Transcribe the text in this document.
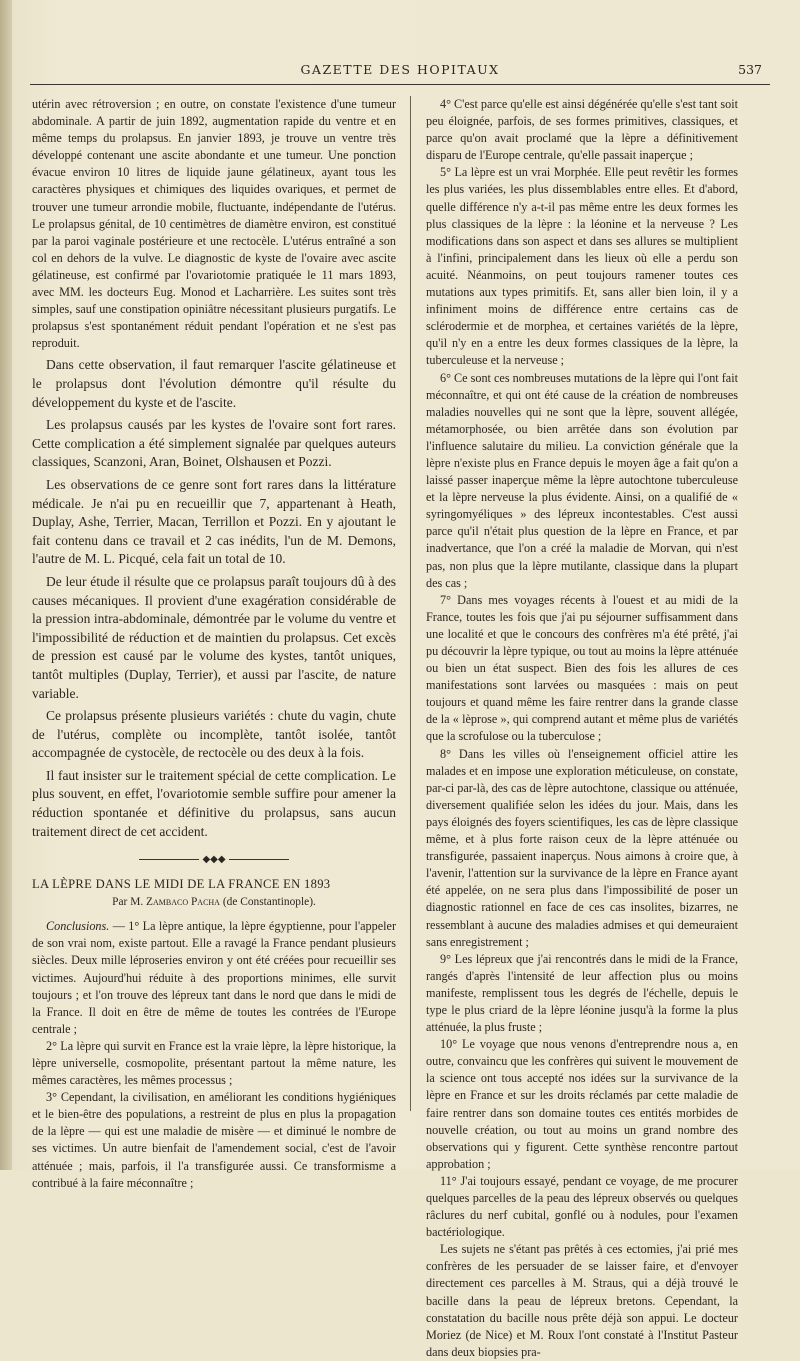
GAZETTE DES HOPITAUX	537

utérin avec rétroversion ; en outre, on constate l'existence d'une tumeur abdominale. A partir de juin 1892, augmentation rapide du ventre et en même temps du prolapsus. En janvier 1893, je trouve un ventre très développé contenant une ascite abondante et une tumeur. Une ponction évacue environ 10 litres de liquide jaune gélatineux, ayant tous les caractères physiques et chimiques des liquides ovariques, et permet de trouver une tumeur arrondie mobile, fluctuante, indépendante de l'utérus. Le prolapsus génital, de 10 centimètres de diamètre environ, est constitué par la paroi vaginale postérieure et une rectocèle. L'utérus entraîné a son col en dehors de la vulve. Le diagnostic de kyste de l'ovaire avec ascite gélatineuse, est confirmé par l'ovariotomie pratiquée le 11 mars 1893, avec MM. les docteurs Eug. Monod et Lacharrière. Les suites sont très simples, sauf une constipation opiniâtre nécessitant plusieurs purgatifs. Le prolapsus s'est spontanément réduit pendant l'opération et ne s'est pas reproduit.

Dans cette observation, il faut remarquer l'ascite gélatineuse et le prolapsus dont l'évolution démontre qu'il résulte du développement du kyste et de l'ascite.

Les prolapsus causés par les kystes de l'ovaire sont fort rares. Cette complication a été simplement signalée par quelques auteurs classiques, Scanzoni, Aran, Boinet, Olshausen et Pozzi.

Les observations de ce genre sont fort rares dans la littérature médicale. Je n'ai pu en recueillir que 7, appartenant à Heath, Duplay, Ashe, Terrier, Macan, Terrillon et Pozzi. En y ajoutant le fait contenu dans ce travail et 2 cas inédits, l'un de M. Demons, l'autre de M. L. Picqué, cela fait un total de 10.

De leur étude il résulte que ce prolapsus paraît toujours dû à des causes mécaniques. Il provient d'une exagération considérable de la pression intra-abdominale, démontrée par le volume du ventre et l'impossibilité de réduction et de maintien du prolapsus. Cet excès de pression est causé par le volume des kystes, tantôt uniques, tantôt multiples (Duplay, Terrier), et aussi par l'ascite, de nature variable.

Ce prolapsus présente plusieurs variétés : chute du vagin, chute de l'utérus, complète ou incomplète, tantôt isolée, tantôt accompagnée de cystocèle, de rectocèle ou des deux à la fois.

Il faut insister sur le traitement spécial de cette complication. Le plus souvent, en effet, l'ovariotomie semble suffire pour amener la réduction spontanée et définitive du prolapsus, sans aucun traitement direct de cet accident.

◆◆◆
LA LÈPRE DANS LE MIDI DE LA FRANCE EN 1893
Par M. Zambaco Pacha (de Constantinople).

Conclusions. — 1° La lèpre antique, la lèpre égyptienne, pour l'appeler de son vrai nom, existe partout. Elle a ravagé la France pendant plusieurs siècles. Deux mille léproseries environ y ont été créées pour recueillir ses victimes. Aujourd'hui réduite à des proportions minimes, elle survit toujours ; et l'on trouve des lépreux tant dans le nord que dans le midi de la France. Il doit en être de même de toutes les contrées de l'Europe centrale ;

2° La lèpre qui survit en France est la vraie lèpre, la lèpre historique, la lèpre universelle, cosmopolite, présentant partout la même nature, les mêmes caractères, les mêmes processus ;

3° Cependant, la civilisation, en améliorant les conditions hygiéniques et le bien-être des populations, a restreint de plus en plus la propagation de la lèpre — qui est une maladie de misère — et diminué le nombre de ses victimes. Un autre bienfait de l'amendement social, c'est de l'avoir atténuée ; mais, parfois, il l'a transfigurée aussi. Ce transformisme a contribué à la faire méconnaître ;

4° C'est parce qu'elle est ainsi dégénérée qu'elle s'est tant soit peu éloignée, parfois, de ses formes primitives, classiques, et parce qu'on avait proclamé que la lèpre a définitivement disparu de l'Europe centrale, qu'elle passait inaperçue ;

5° La lèpre est un vrai Morphée. Elle peut revêtir les formes les plus variées, les plus dissemblables entre elles. Et d'abord, quelle différence n'y a-t-il pas même entre les deux formes les plus classiques de la lèpre : la léonine et la nerveuse ? Les modifications dans son aspect et dans ses allures se multiplient à l'infini, principalement dans les lieux où elle a perdu son acuité. Néanmoins, on peut toujours ramener toutes ces mutations aux types primitifs. Et, sans aller bien loin, il y a infiniment moins de différence entre certains cas de sclérodermie et de morphea, et certaines variétés de la lèpre, qu'il n'y en a entre les deux formes classiques de la lèpre, la tuberculeuse et la nerveuse ;

6° Ce sont ces nombreuses mutations de la lèpre qui l'ont fait méconnaître, et qui ont été cause de la création de nombreuses maladies nouvelles qui ne sont que la lèpre, souvent allégée, métamorphosée, ou bien arrêtée dans son évolution par l'influence salutaire du milieu. La conviction générale que la lèpre n'existe plus en France depuis le moyen âge a fait qu'on a laissé passer inaperçue même la lèpre autochtone tuberculeuse et la lèpre nerveuse la plus évidente. Ainsi, on a qualifié de « syringomyéliques » des lépreux incontestables. C'est aussi parce qu'il n'était plus question de la lèpre en France, et par inadvertance, que l'on a créé la maladie de Morvan, qui n'est pas, non plus que la lèpre mutilante, classique dans la plupart des cas ;

7° Dans mes voyages récents à l'ouest et au midi de la France, toutes les fois que j'ai pu séjourner suffisamment dans une localité et que le concours des confrères m'a été prêté, j'ai pu découvrir la lèpre typique, ou tout au moins la lèpre atténuée ou bien un état suspect. Bien des fois les allures de ces manifestations sont larvées ou masquées : mais on peut toujours et quand même les faire rentrer dans la grande classe de la « lèprose », qui comprend autant et même plus de variétés que la scrofulose ou la tuberculose ;

8° Dans les villes où l'enseignement officiel attire les malades et en impose une exploration méticuleuse, on constate, par-ci par-là, des cas de lèpre autochtone, classique ou atténuée, diversement qualifiée selon les idées du jour. Mais, dans les pays éloignés des foyers scientifiques, les cas de lèpre classique même, et à plus forte raison ceux de la lèpre atténuée ou transfigurée, passaient inaperçus. Nous aimons à croire que, à l'avenir, l'attention sur la survivance de la lèpre en France ayant été appelée, on ne sera plus dans l'impossibilité de poser un diagnostic rationnel en face de ces cas insolites, bizarres, ne ressemblant à aucune des maladies admises et qui demeuraient sans enregistrement ;

9° Les lépreux que j'ai rencontrés dans le midi de la France, rangés d'après l'intensité de leur affection plus ou moins manifeste, remplissent tous les degrés de l'échelle, depuis le type le plus criard de la lèpre léonine jusqu'à la forme la plus atténuée, la plus fruste ;

10° Le voyage que nous venons d'entreprendre nous a, en outre, convaincu que les confrères qui suivent le mouvement de la science ont tous accepté nos idées sur la survivance de la lèpre en France et sur les droits réclamés par cette maladie de faire rentrer dans son domaine toutes ces entités morbides de nouvelle création, ou tout au moins un grand nombre des observations qui y figurent. Cette synthèse rencontre partout approbation ;

11° J'ai toujours essayé, pendant ce voyage, de me procurer quelques parcelles de la peau des lépreux observés ou quelques râclures du nerf cubital, gonflé ou à nodules, pour l'examen bactériologique.

Les sujets ne s'étant pas prêtés à ces ectomies, j'ai prié mes confrères de les persuader de se laisser faire, et d'envoyer directement ces parcelles à M. Straus, qui a déjà trouvé le bacille dans la peau de lépreux bretons. Cependant, la constatation du bacille nous prête déjà son appui. Le docteur Moriez (de Nice) et M. Roux l'ont constaté à l'Institut Pasteur dans deux biopsies pra-
